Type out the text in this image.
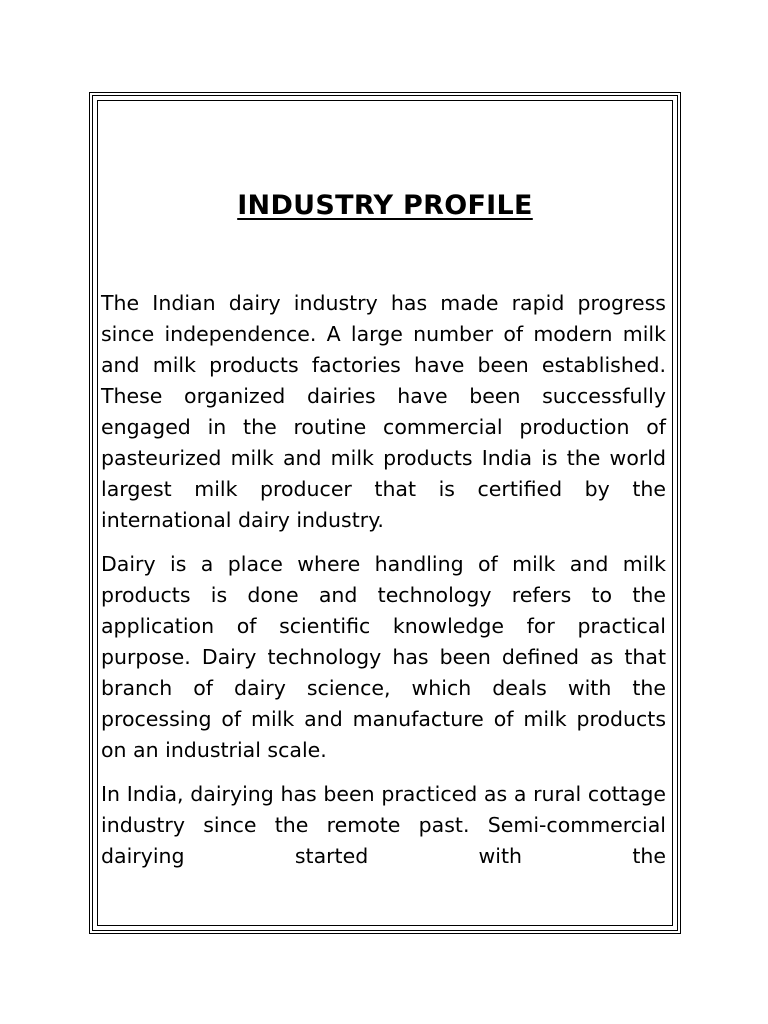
INDUSTRY PROFILE

The Indian dairy industry has made rapid progress since independence. A large number of modern milk and milk products factories have been established. These organized dairies have been successfully engaged in the routine commercial production of pasteurized milk and milk products India is the world largest milk producer that is certified by the international dairy industry.

Dairy is a place where handling of milk and milk products is done and technology refers to the application of scientific knowledge for practical purpose. Dairy technology has been defined as that branch of dairy science, which deals with the processing of milk and manufacture of milk products on an industrial scale.

In India, dairying has been practiced as a rural cottage industry since the remote past. Semi-commercial dairying started with the
